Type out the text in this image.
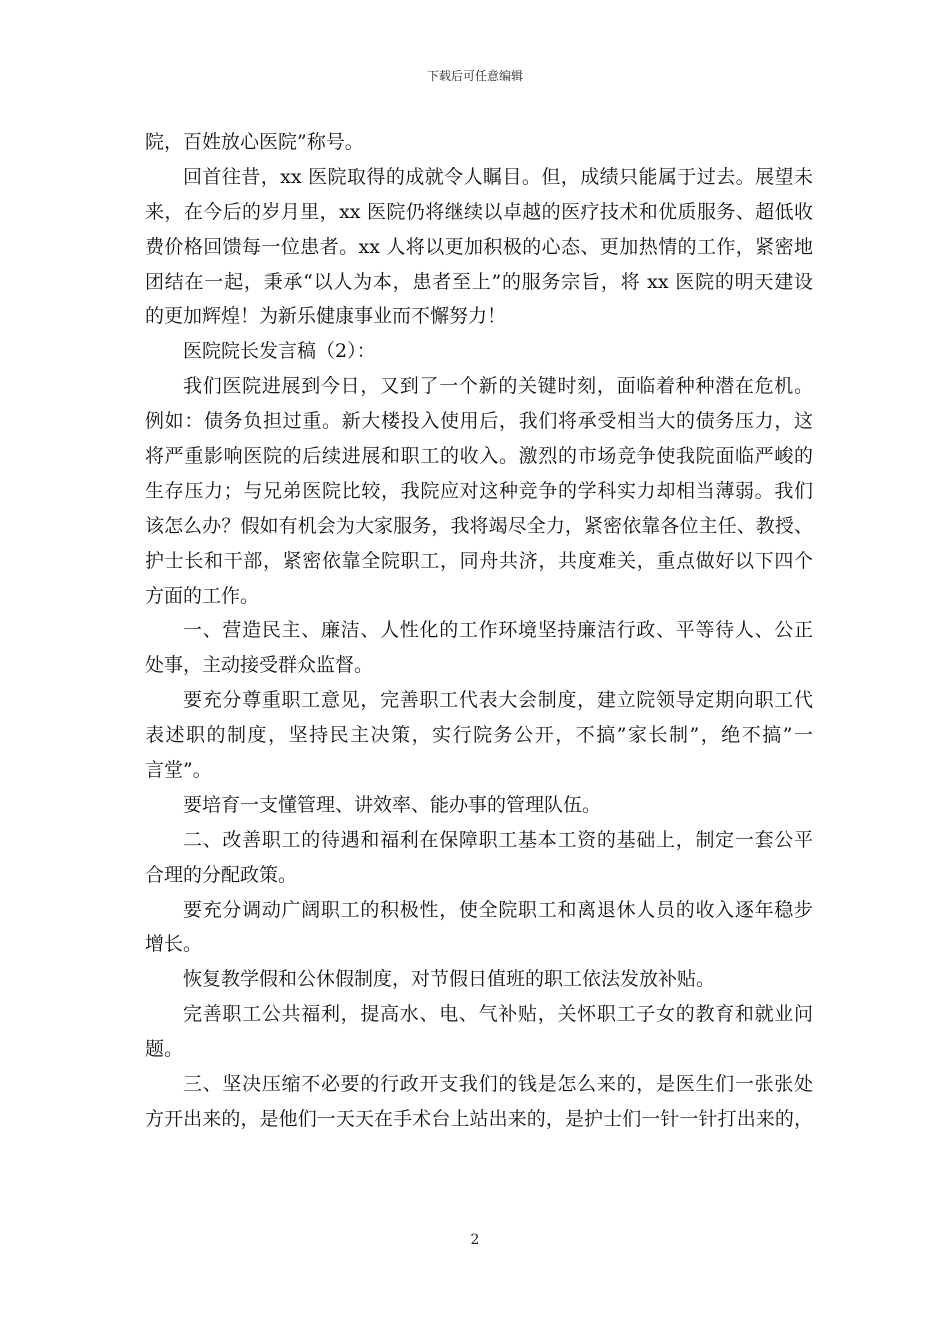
下载后可任意编辑
院，百姓放心医院”称号。
回首往昔，xx 医院取得的成就令人瞩目。但，成绩只能属于过去。展望未
来，在今后的岁月里，xx 医院仍将继续以卓越的医疗技术和优质服务、超低收
费价格回馈每一位患者。xx 人将以更加积极的心态、更加热情的工作，紧密地
团结在一起，秉承“以人为本，患者至上”的服务宗旨，将 xx 医院的明天建设
的更加辉煌！为新乐健康事业而不懈努力！
医院院长发言稿（2）：
我们医院进展到今日，又到了一个新的关键时刻，面临着种种潜在危机。
例如：债务负担过重。新大楼投入使用后，我们将承受相当大的债务压力，这
将严重影响医院的后续进展和职工的收入。激烈的市场竞争使我院面临严峻的
生存压力；与兄弟医院比较，我院应对这种竞争的学科实力却相当薄弱。我们
该怎么办？假如有机会为大家服务，我将竭尽全力，紧密依靠各位主任、教授、
护士长和干部，紧密依靠全院职工，同舟共济，共度难关，重点做好以下四个
方面的工作。
一、营造民主、廉洁、人性化的工作环境坚持廉洁行政、平等待人、公正
处事，主动接受群众监督。
要充分尊重职工意见，完善职工代表大会制度，建立院领导定期向职工代
表述职的制度，坚持民主决策，实行院务公开，不搞”家长制”，绝不搞”一
言堂”。
要培育一支懂管理、讲效率、能办事的管理队伍。
二、改善职工的待遇和福利在保障职工基本工资的基础上，制定一套公平
合理的分配政策。
要充分调动广阔职工的积极性，使全院职工和离退休人员的收入逐年稳步
增长。
恢复教学假和公休假制度，对节假日值班的职工依法发放补贴。
完善职工公共福利，提高水、电、气补贴，关怀职工子女的教育和就业问
题。
三、坚决压缩不必要的行政开支我们的钱是怎么来的，是医生们一张张处
方开出来的，是他们一天天在手术台上站出来的，是护士们一针一针打出来的，
2
